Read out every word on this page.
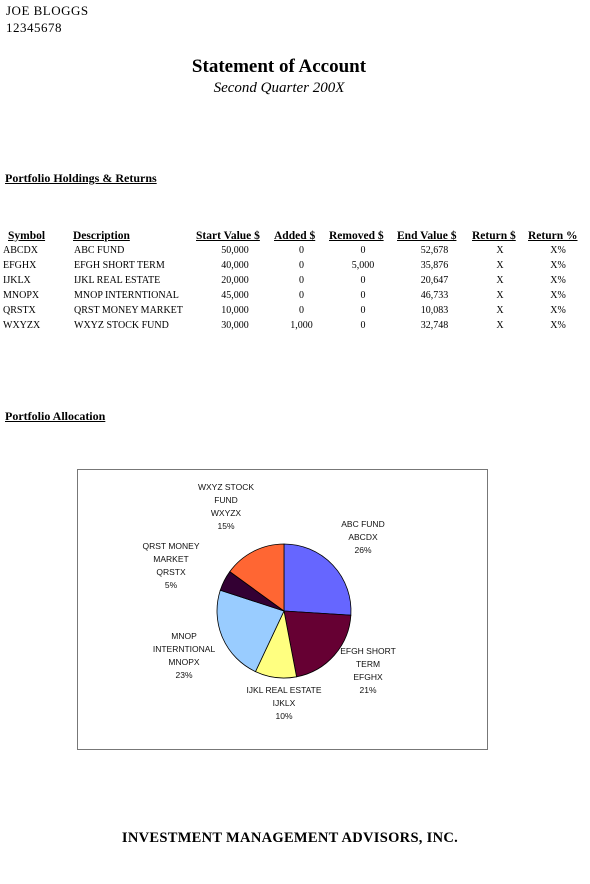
JOE BLOGGS
12345678
Statement of Account
Second Quarter 200X
Portfolio Holdings & Returns
Symbol	Description	Start Value $	Added $	Removed $	End Value $	Return $	Return %
ABCDX	ABC FUND	50,000	0	0	52,678	X	X%
EFGHX	EFGH SHORT TERM	40,000	0	5,000	35,876	X	X%
IJKLX	IJKL REAL ESTATE	20,000	0	0	20,647	X	X%
MNOPX	MNOP INTERNTIONAL	45,000	0	0	46,733	X	X%
QRSTX	QRST MONEY MARKET	10,000	0	0	10,083	X	X%
WXYZX	WXYZ STOCK FUND	30,000	1,000	0	32,748	X	X%
Portfolio Allocation
ABC FUND ABCDX 26%
EFGH SHORT TERM EFGHX 21%
IJKL REAL ESTATE IJKLX 10%
MNOP INTERNTIONAL MNOPX 23%
QRST MONEY MARKET QRSTX 5%
WXYZ STOCK FUND WXYZX 15%
INVESTMENT MANAGEMENT ADVISORS, INC.
